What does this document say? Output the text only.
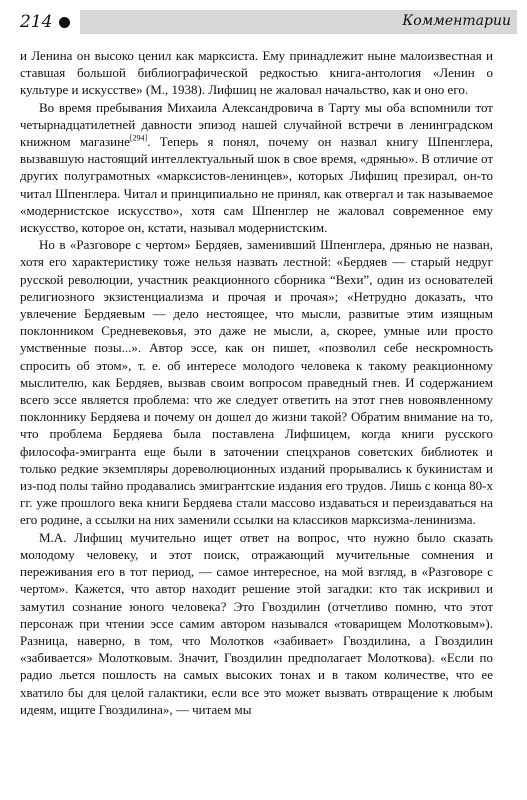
214	Комментарии

и Ленина он высоко ценил как марксиста. Ему принадлежит ныне малоизвестная и ставшая большой библиографической редкостью книга-антология «Ленин о культуре и искусстве» (М., 1938). Лифшиц не жаловал начальство, как и оно его.

Во время пребывания Михаила Александровича в Тарту мы оба вспомнили тот четырнадцатилетней давности эпизод нашей случайной встречи в ленинградском книжном магазине[294]. Теперь я понял, почему он назвал книгу Шпенглера, вызвавшую настоящий интеллектуальный шок в свое время, «дрянью». В отличие от других полуграмотных «марксистов-ленинцев», которых Лифшиц презирал, он-то читал Шпенглера. Читал и принципиально не принял, как отвергал и так называемое «модернистское искусство», хотя сам Шпенглер не жаловал современное ему искусство, которое он, кстати, называл модернистским.

Но в «Разговоре с чертом» Бердяев, заменивший Шпенглера, дрянью не назван, хотя его характеристику тоже нельзя назвать лестной: «Бердяев — старый недруг русской революции, участник реакционного сборника “Вехи”, один из основателей религиозного экзистенциализма и прочая и прочая»; «Нетрудно доказать, что увлечение Бердяевым — дело нестоящее, что мысли, развитые этим изящным поклонником Средневековья, это даже не мысли, а, скорее, умные или просто умственные позы...». Автор эссе, как он пишет, «позволил себе нескромность спросить об этом», т. е. об интересе молодого человека к такому реакционному мыслителю, как Бердяев, вызвав своим вопросом праведный гнев. И содержанием всего эссе является проблема: что же следует ответить на этот гнев новоявленному поклоннику Бердяева и почему он дошел до жизни такой? Обратим внимание на то, что проблема Бердяева была поставлена Лифшицем, когда книги русского философа-эмигранта еще были в заточении спецхранов советских библиотек и только редкие экземпляры дореволюционных изданий прорывались к букинистам и из-под полы тайно продавались эмигрантские издания его трудов. Лишь с конца 80-х гг. уже прошлого века книги Бердяева стали массово издаваться и переиздаваться на его родине, а ссылки на них заменили ссылки на классиков марксизма-ленинизма.

М.А. Лифшиц мучительно ищет ответ на вопрос, что нужно было сказать молодому человеку, и этот поиск, отражающий мучительные сомнения и переживания его в тот период, — самое интересное, на мой взгляд, в «Разговоре с чертом». Кажется, что автор находит решение этой загадки: кто так искривил и замутил сознание юного человека? Это Гвоздилин (отчетливо помню, что этот персонаж при чтении эссе самим автором назывался «товарищем Молотковым»). Разница, наверно, в том, что Молотков «забивает» Гвоздилина, а Гвоздилин «забивается» Молотковым. Значит, Гвоздилин предполагает Молоткова). «Если по радио льется пошлость на самых высоких тонах и в таком количестве, что ее хватило бы для целой галактики, если все это может вызвать отвращение к любым идеям, ищите Гвоздилина», — читаем мы
